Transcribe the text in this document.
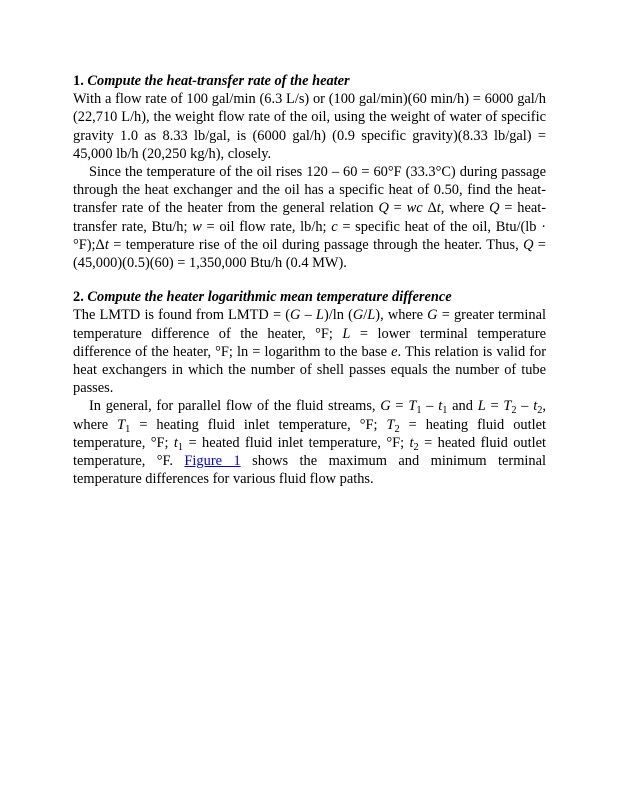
1. Compute the heat-transfer rate of the heater

With a flow rate of 100 gal/min (6.3 L/s) or (100 gal/min)(60 min/h) = 6000 gal/h (22,710 L/h), the weight flow rate of the oil, using the weight of water of specific gravity 1.0 as 8.33 lb/gal, is (6000 gal/h) (0.9 specific gravity)(8.33 lb/gal) = 45,000 lb/h (20,250 kg/h), closely.

Since the temperature of the oil rises 120 – 60 = 60°F (33.3°C) during passage through the heat exchanger and the oil has a specific heat of 0.50, find the heat-transfer rate of the heater from the general relation Q = wc Δt, where Q = heat-transfer rate, Btu/h; w = oil flow rate, lb/h; c = specific heat of the oil, Btu/(lb · °F);Δt = temperature rise of the oil during passage through the heater. Thus, Q = (45,000)(0.5)(60) = 1,350,000 Btu/h (0.4 MW).

2. Compute the heater logarithmic mean temperature difference

The LMTD is found from LMTD = (G – L)/ln (G/L), where G = greater terminal temperature difference of the heater, °F; L = lower terminal temperature difference of the heater, °F; ln = logarithm to the base e. This relation is valid for heat exchangers in which the number of shell passes equals the number of tube passes.

In general, for parallel flow of the fluid streams, $G = T_1 - t_1$ and $L = T_2 - t_2$, where $T_1$ = heating fluid inlet temperature, °F; $T_2$ = heating fluid outlet temperature, °F; $t_1$ = heated fluid inlet temperature, °F; $t_2$ = heated fluid outlet temperature, °F. Figure 1 shows the maximum and minimum terminal temperature differences for various fluid flow paths.
